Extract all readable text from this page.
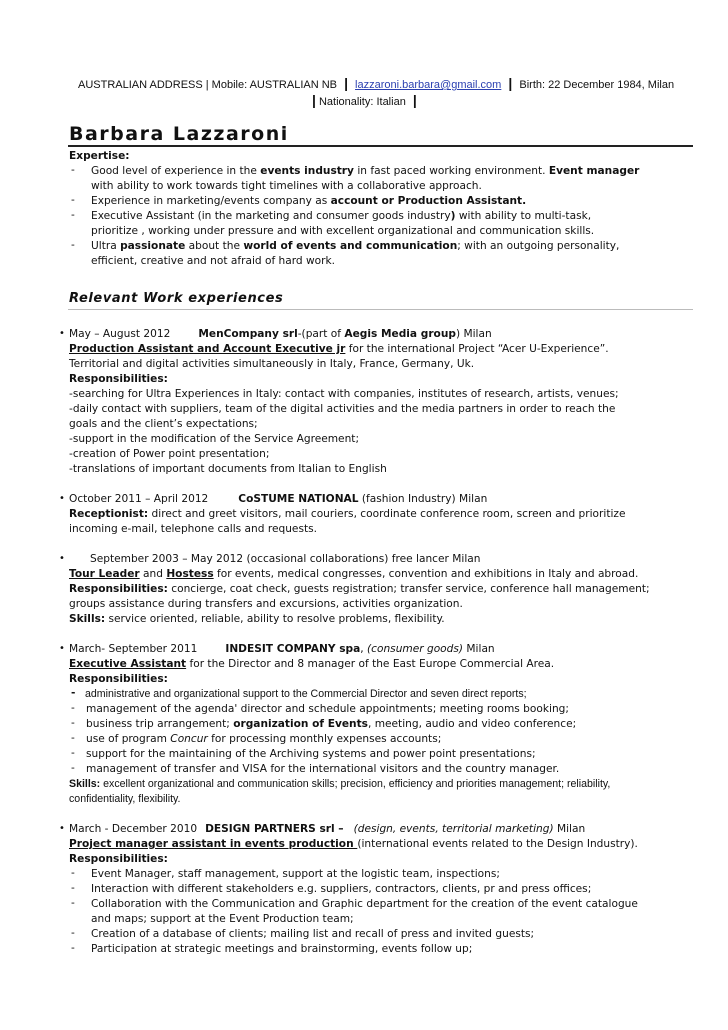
AUSTRALIAN ADDRESS | Mobile: AUSTRALIAN NB | lazzaroni.barbara@gmail.com | Birth: 22 December 1984, Milan
| Nationality: Italian |
Barbara Lazzaroni
Expertise:
- Good level of experience in the events industry in fast paced working environment. Event manager
with ability to work towards tight timelines with a collaborative approach.
- Experience in marketing/events company as account or Production Assistant.
- Executive Assistant (in the marketing and consumer goods industry) with ability to multi-task,
prioritize , working under pressure and with excellent organizational and communication skills.
- Ultra passionate about the world of events and communication; with an outgoing personality,
efficient, creative and not afraid of hard work.
Relevant Work experiences
• May – August 2012	MenCompany srl-(part of Aegis Media group) Milan
Production Assistant and Account Executive jr for the international Project “Acer U-Experience”.
Territorial and digital activities simultaneously in Italy, France, Germany, Uk.
Responsibilities:
-searching for Ultra Experiences in Italy: contact with companies, institutes of research, artists, venues;
-daily contact with suppliers, team of the digital activities and the media partners in order to reach the
goals and the client’s expectations;
-support in the modification of the Service Agreement;
-creation of Power point presentation;
-translations of important documents from Italian to English
• October 2011 – April 2012	CoSTUME NATIONAL (fashion Industry) Milan
Receptionist: direct and greet visitors, mail couriers, coordinate conference room, screen and prioritize
incoming e-mail, telephone calls and requests.
• September 2003 – May 2012 (occasional collaborations) free lancer Milan
Tour Leader and Hostess for events, medical congresses, convention and exhibitions in Italy and abroad.
Responsibilities: concierge, coat check, guests registration; transfer service, conference hall management;
groups assistance during transfers and excursions, activities organization.
Skills: service oriented, reliable, ability to resolve problems, flexibility.
• March- September 2011	INDESIT COMPANY spa, (consumer goods) Milan
Executive Assistant for the Director and 8 manager of the East Europe Commercial Area.
Responsibilities:
- administrative and organizational support to the Commercial Director and seven direct reports;
- management of the agenda' director and schedule appointments; meeting rooms booking;
- business trip arrangement; organization of Events, meeting, audio and video conference;
- use of program Concur for processing monthly expenses accounts;
- support for the maintaining of the Archiving systems and power point presentations;
- management of transfer and VISA for the international visitors and the country manager.
Skills: excellent organizational and communication skills; precision, efficiency and priorities management; reliability,
confidentiality, flexibility.
• March - December 2010 DESIGN PARTNERS srl – (design, events, territorial marketing) Milan
Project manager assistant in events production (international events related to the Design Industry).
Responsibilities:
- Event Manager, staff management, support at the logistic team, inspections;
- Interaction with different stakeholders e.g. suppliers, contractors, clients, pr and press offices;
- Collaboration with the Communication and Graphic department for the creation of the event catalogue
and maps; support at the Event Production team;
- Creation of a database of clients; mailing list and recall of press and invited guests;
- Participation at strategic meetings and brainstorming, events follow up;
